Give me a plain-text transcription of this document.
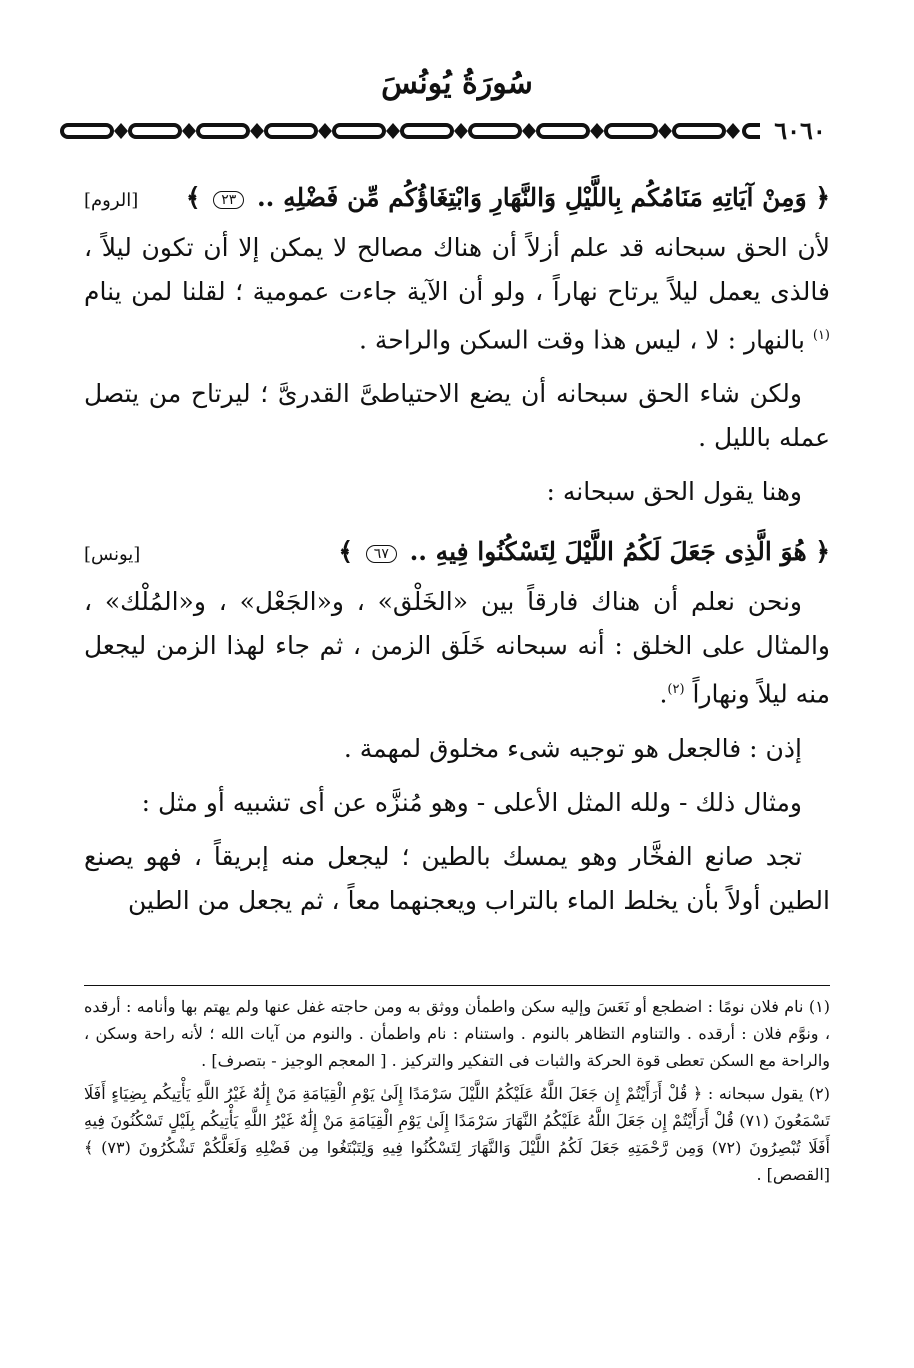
سُورَةُ يُونُسَ
٦٠٦٠
﴿ وَمِنْ آيَاتِهِ مَنَامُكُم بِاللَّيْلِ وَالنَّهَارِ وَابْتِغَاؤُكُم مِّن فَضْلِهِ .. ٢٣ ﴾
[الروم]

لأن الحق سبحانه قد علم أزلاً أن هناك مصالح لا يمكن إلا أن تكون ليلاً ، فالذى يعمل ليلاً يرتاح نهاراً ، ولو أن الآية جاءت عمومية ؛ لقلنا لمن ينام $^{(١)}$ بالنهار : لا ، ليس هذا وقت السكن والراحة .

ولكن شاء الحق سبحانه أن يضع الاحتياطىَّ القدرىَّ ؛ ليرتاح من يتصل عمله بالليل .

وهنا يقول الحق سبحانه :

﴿ هُوَ الَّذِى جَعَلَ لَكُمُ اللَّيْلَ لِتَسْكُنُوا فِيهِ .. ٦٧ ﴾
[يونس]

ونحن نعلم أن هناك فارقاً بين «الخَلْق» ، و«الجَعْل» ، و«المُلْك» ، والمثال على الخلق : أنه سبحانه خَلَق الزمن ، ثم جاء لهذا الزمن ليجعل منه ليلاً ونهاراً $^{(٢)}$.

إذن : فالجعل هو توجيه شىء مخلوق لمهمة .

ومثال ذلك - ولله المثل الأعلى - وهو مُنزَّه عن أى تشبيه أو مثل :

تجد صانع الفخَّار وهو يمسك بالطين ؛ ليجعل منه إبريقاً ، فهو يصنع الطين أولاً بأن يخلط الماء بالتراب ويعجنهما معاً ، ثم يجعل من الطين

(١) نام فلان نومًا : اضطجع أو نَعَسَ وإليه سكن واطمأن ووثق به ومن حاجته غفل عنها ولم يهتم بها وأنامه : أرقده ، ونوَّم فلان : أرقده . والتناوم التظاهر بالنوم . واستنام : نام واطمأن . والنوم من آيات الله ؛ لأنه راحة وسكن ، والراحة مع السكن تعطى قوة الحركة والثبات فى التفكير والتركيز . [ المعجم الوجيز - بتصرف] .

(٢) يقول سبحانه : ﴿ قُلْ أَرَأَيْتُمْ إِن جَعَلَ اللَّهُ عَلَيْكُمُ اللَّيْلَ سَرْمَدًا إِلَىٰ يَوْمِ الْقِيَامَةِ مَنْ إِلَٰهٌ غَيْرُ اللَّهِ يَأْتِيكُم بِضِيَاءٍ أَفَلَا تَسْمَعُونَ (٧١) قُلْ أَرَأَيْتُمْ إِن جَعَلَ اللَّهُ عَلَيْكُمُ النَّهَارَ سَرْمَدًا إِلَىٰ يَوْمِ الْقِيَامَةِ مَنْ إِلَٰهٌ غَيْرُ اللَّهِ يَأْتِيكُم بِلَيْلٍ تَسْكُنُونَ فِيهِ أَفَلَا تُبْصِرُونَ (٧٢) وَمِن رَّحْمَتِهِ جَعَلَ لَكُمُ اللَّيْلَ وَالنَّهَارَ لِتَسْكُنُوا فِيهِ وَلِتَبْتَغُوا مِن فَضْلِهِ وَلَعَلَّكُمْ تَشْكُرُونَ (٧٣) ﴾ [القصص] .
